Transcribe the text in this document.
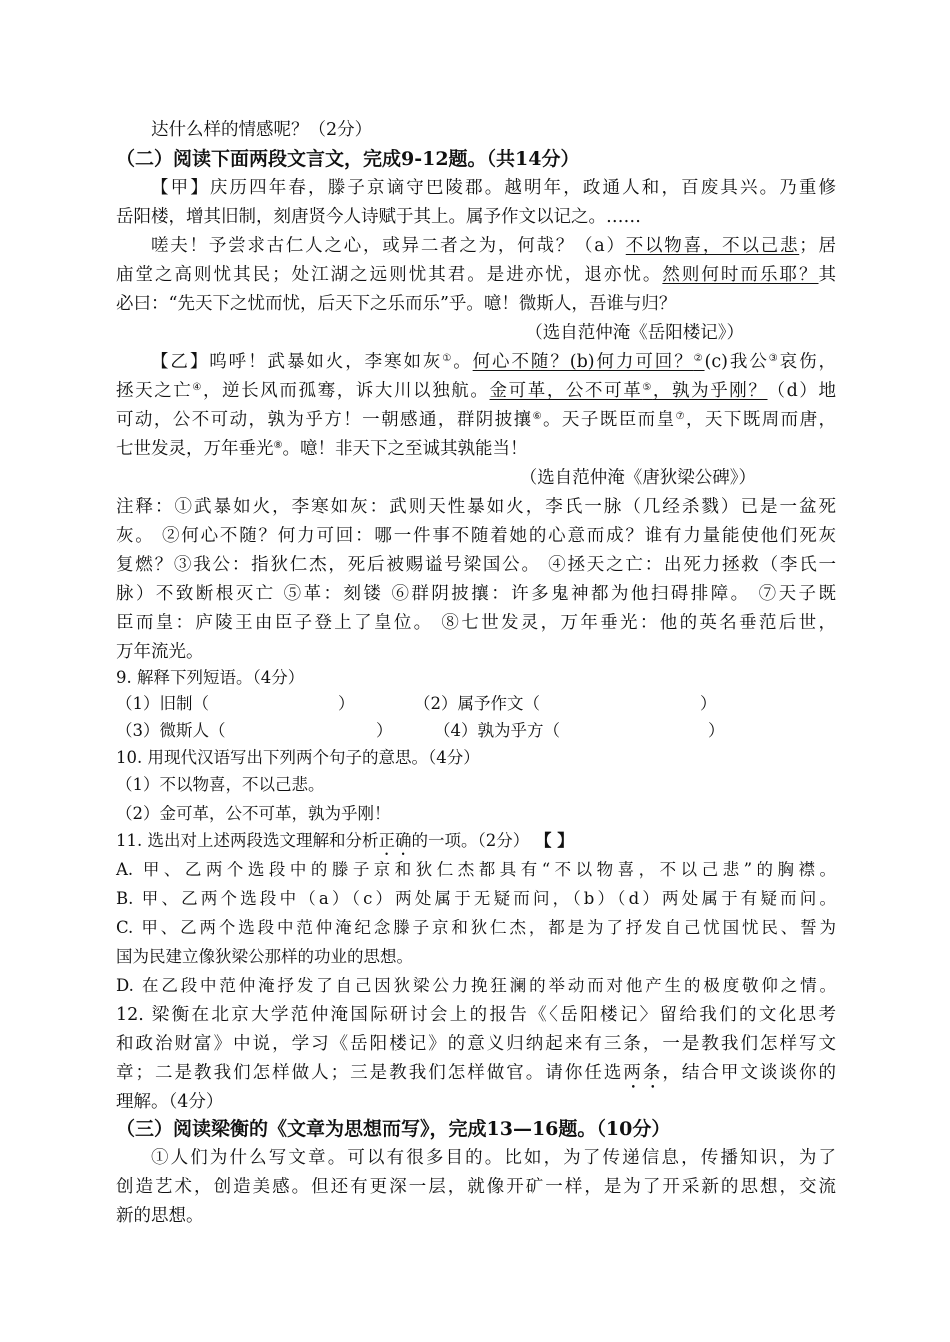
达什么样的情感呢？（2分）
（二）阅读下面两段文言文，完成9-12题。（共14分）
【甲】庆历四年春，滕子京谪守巴陵郡。越明年，政通人和，百废具兴。乃重修
岳阳楼，增其旧制，刻唐贤今人诗赋于其上。属予作文以记之。……
嗟夫！予尝求古仁人之心，或异二者之为，何哉？（a）不以物喜，不以己悲；居
庙堂之高则忧其民；处江湖之远则忧其君。是进亦忧，退亦忧。然则何时而乐耶？其
必曰：“先天下之忧而忧，后天下之乐而乐”乎。噫！微斯人，吾谁与归？
（选自范仲淹《岳阳楼记》）
【乙】呜呼！武暴如火，李寒如灰①。何心不随？(b)何力可回？②(c)我公③哀伤，
拯天之亡④，逆长风而孤骞，诉大川以独航。金可革，公不可革⑤，孰为乎刚？（d）地
可动，公不可动，孰为乎方！一朝感通，群阴披攘⑥。天子既臣而皇⑦，天下既周而唐，
七世发灵，万年垂光⑧。噫！非天下之至诚其孰能当！
（选自范仲淹《唐狄梁公碑》）
注释：①武暴如火，李寒如灰：武则天性暴如火，李氏一脉（几经杀戮）已是一盆死
灰。 ②何心不随？何力可回：哪一件事不随着她的心意而成？谁有力量能使他们死灰
复燃？③我公：指狄仁杰，死后被赐谥号梁国公。 ④拯天之亡：出死力拯救（李氏一
脉）不致断根灭亡 ⑤革：刻镂 ⑥群阴披攘：许多鬼神都为他扫碍排障。 ⑦天子既
臣而皇：庐陵王由臣子登上了皇位。 ⑧七世发灵，万年垂光：他的英名垂范后世，
万年流光。
9. 解释下列短语。（4分）
（1）旧制（	）	（2）属予作文（	）
（3）微斯人（	）	（4）孰为乎方（	）
10. 用现代汉语写出下列两个句子的意思。（4分）
（1）不以物喜，不以己悲。
（2）金可革，公不可革，孰为乎刚！
11. 选出对上述两段选文理解和分析正确的一项。（2分） 【 】
A. 甲、乙两个选段中的滕子京和狄仁杰都具有“不以物喜，不以己悲”的胸襟。
B. 甲、乙两个选段中（a）（c）两处属于无疑而问，（b）（d）两处属于有疑而问。
C. 甲、乙两个选段中范仲淹纪念滕子京和狄仁杰，都是为了抒发自己忧国忧民、誓为
国为民建立像狄梁公那样的功业的思想。
D. 在乙段中范仲淹抒发了自己因狄梁公力挽狂澜的举动而对他产生的极度敬仰之情。
12. 梁衡在北京大学范仲淹国际研讨会上的报告《〈岳阳楼记〉留给我们的文化思考
和政治财富》中说，学习《岳阳楼记》的意义归纳起来有三条，一是教我们怎样写文
章；二是教我们怎样做人；三是教我们怎样做官。请你任选两条，结合甲文谈谈你的
理解。（4分）
（三）阅读梁衡的《文章为思想而写》，完成13—16题。（10分）
①人们为什么写文章。可以有很多目的。比如，为了传递信息，传播知识，为了
创造艺术，创造美感。但还有更深一层，就像开矿一样，是为了开采新的思想，交流
新的思想。
